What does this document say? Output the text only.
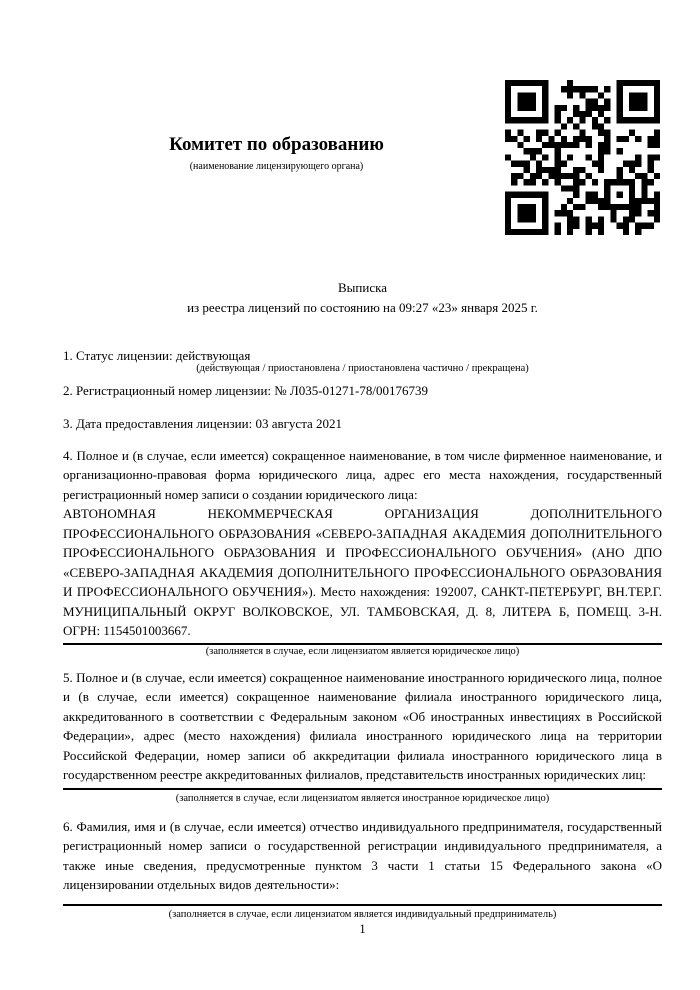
Комитет по образованию
(наименование лицензирующего органа)
Выписка
из реестра лицензий по состоянию на 09:27 «23» января 2025 г.

1. Статус лицензии: действующая

(действующая / приостановлена / приостановлена частично / прекращена)

2. Регистрационный номер лицензии: № Л035-01271-78/00176739

3. Дата предоставления лицензии: 03 августа 2021

4. Полное и (в случае, если имеется) сокращенное наименование, в том числе фирменное наименование, и организационно-правовая форма юридического лица, адрес его места нахождения, государственный регистрационный номер записи о создании юридического лица:

АВТОНОМНАЯ НЕКОММЕРЧЕСКАЯ ОРГАНИЗАЦИЯ ДОПОЛНИТЕЛЬНОГО ПРОФЕССИОНАЛЬНОГО ОБРАЗОВАНИЯ «СЕВЕРО-ЗАПАДНАЯ АКАДЕМИЯ ДОПОЛНИТЕЛЬНОГО ПРОФЕССИОНАЛЬНОГО ОБРАЗОВАНИЯ И ПРОФЕССИОНАЛЬНОГО ОБУЧЕНИЯ» (АНО ДПО «СЕВЕРО-ЗАПАДНАЯ АКАДЕМИЯ ДОПОЛНИТЕЛЬНОГО ПРОФЕССИОНАЛЬНОГО ОБРАЗОВАНИЯ И ПРОФЕССИОНАЛЬНОГО ОБУЧЕНИЯ»). Место нахождения: 192007, САНКТ-ПЕТЕРБУРГ, ВН.ТЕР.Г. МУНИЦИПАЛЬНЫЙ ОКРУГ ВОЛКОВСКОЕ, УЛ. ТАМБОВСКАЯ, Д. 8, ЛИТЕРА Б, ПОМЕЩ. 3-Н. ОГРН: 1154501003667.

(заполняется в случае, если лицензиатом является юридическое лицо)

5. Полное и (в случае, если имеется) сокращенное наименование иностранного юридического лица, полное и (в случае, если имеется) сокращенное наименование филиала иностранного юридического лица, аккредитованного в соответствии с Федеральным законом «Об иностранных инвестициях в Российской Федерации», адрес (место нахождения) филиала иностранного юридического лица на территории Российской Федерации, номер записи об аккредитации филиала иностранного юридического лица в государственном реестре аккредитованных филиалов, представительств иностранных юридических лиц:

(заполняется в случае, если лицензиатом является иностранное юридическое лицо)

6. Фамилия, имя и (в случае, если имеется) отчество индивидуального предпринимателя, государственный регистрационный номер записи о государственной регистрации индивидуального предпринимателя, а также иные сведения, предусмотренные пунктом 3 части 1 статьи 15 Федерального закона «О лицензировании отдельных видов деятельности»:

(заполняется в случае, если лицензиатом является индивидуальный предприниматель)
1
